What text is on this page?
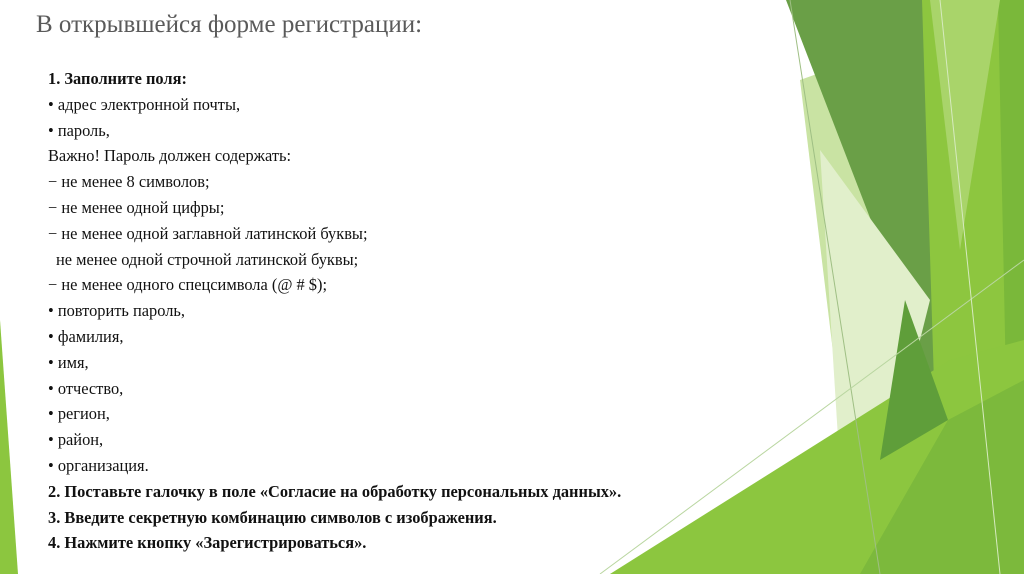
В открывшейся форме регистрации:
1. Заполните поля:
• адрес электронной почты,
• пароль,
Важно! Пароль должен содержать:
− не менее 8 символов;
− не менее одной цифры;
− не менее одной заглавной латинской буквы;
не менее одной строчной латинской буквы;
− не менее одного спецсимвола (@ # $);
• повторить пароль,
• фамилия,
• имя,
• отчество,
• регион,
• район,
• организация.
2. Поставьте галочку в поле «Согласие на обработку персональных данных».
3. Введите секретную комбинацию символов с изображения.
4. Нажмите кнопку «Зарегистрироваться».
